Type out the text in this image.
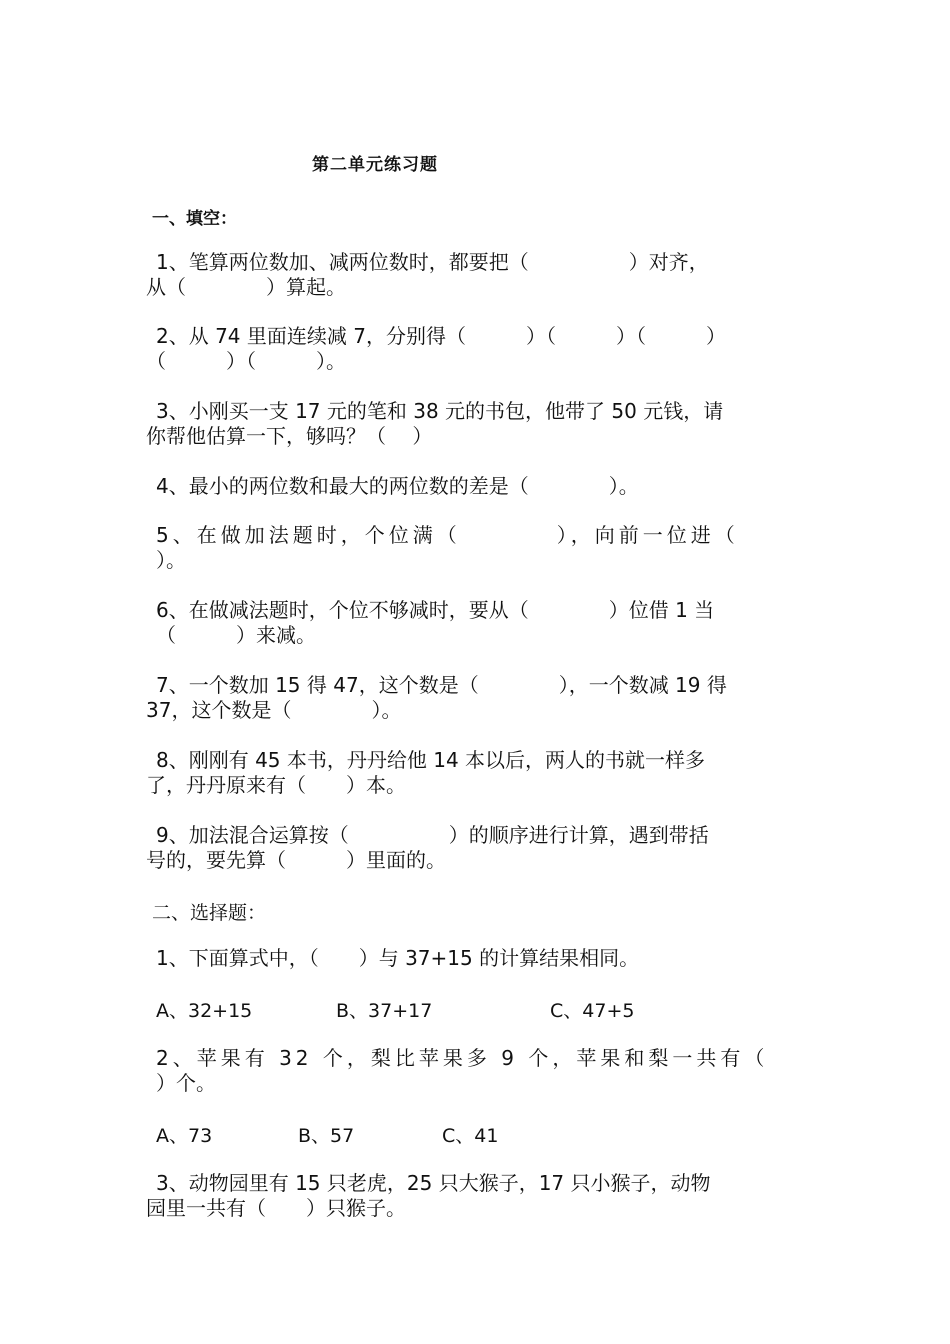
第二单元练习题
一、填空：
1、笔算两位数加、减两位数时，都要把（　　　　　）对齐，
从（　　　　）算起。
2、从 74 里面连续减 7，分别得（　　　）（　　　）（　　　）
（　　　）（　　　）。
3、小刚买一支 17 元的笔和 38 元的书包，他带了 50 元钱，请
你帮他估算一下，够吗？（　 ）
4、最小的两位数和最大的两位数的差是（　　　　）。
5、在做加法题时，个位满（　　　　），向前一位进（
）。
6、在做减法题时，个位不够减时，要从（　　　　）位借 1 当
（　　　）来减。
7、一个数加 15 得 47，这个数是（　　　　），一个数减 19 得
37，这个数是（　　　　）。
8、刚刚有 45 本书，丹丹给他 14 本以后，两人的书就一样多
了，丹丹原来有（　　）本。
9、加法混合运算按（　　　　　）的顺序进行计算，遇到带括
号的，要先算（　　　）里面的。
二、选择题：
1、下面算式中，（　　）与 37+15 的计算结果相同。
A、32+15	B、37+17	C、47+5
2、苹果有 32 个，梨比苹果多 9 个，苹果和梨一共有（
）个。
A、73	B、57	C、41
3、动物园里有 15 只老虎，25 只大猴子，17 只小猴子，动物
园里一共有（　　）只猴子。
